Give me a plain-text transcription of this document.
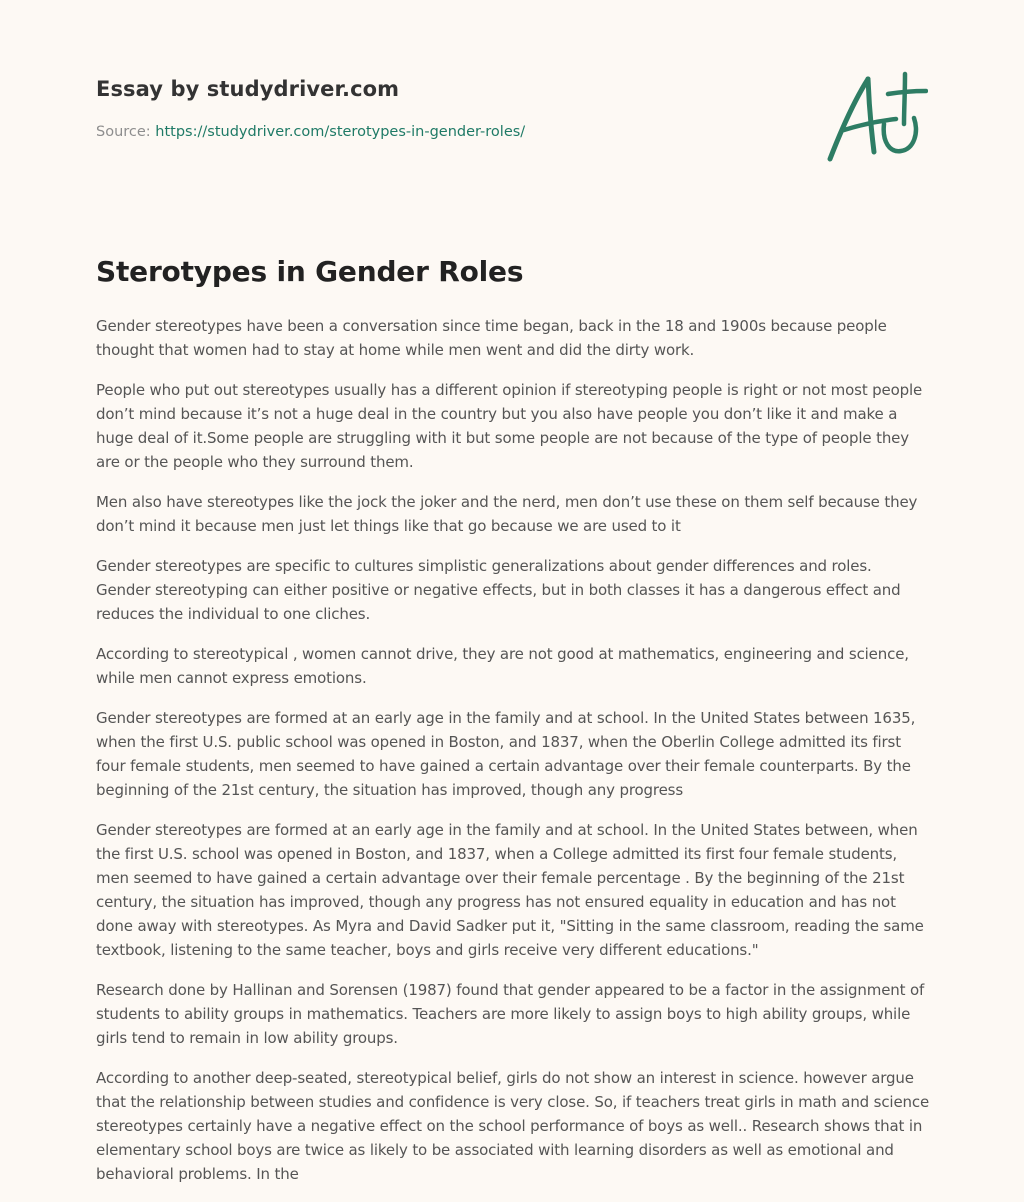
Essay by studydriver.com
Source: https://studydriver.com/sterotypes-in-gender-roles/
Sterotypes in Gender Roles

Gender stereotypes have been a conversation since time began, back in the 18 and 1900s because people thought that women had to stay at home while men went and did the dirty work.

People who put out stereotypes usually has a different opinion if stereotyping people is right or not most people don’t mind because it’s not a huge deal in the country but you also have people you don’t like it and make a huge deal of it.Some people are struggling with it but some people are not because of the type of people they are or the people who they surround them.

Men also have stereotypes like the jock the joker and the nerd, men don’t use these on them self because they don’t mind it because men just let things like that go because we are used to it

Gender stereotypes are specific to cultures simplistic generalizations about gender differences and roles. Gender stereotyping can either positive or negative effects, but in both classes it has a dangerous effect and reduces the individual to one cliches.

According to stereotypical , women cannot drive, they are not good at mathematics, engineering and science, while men cannot express emotions.

Gender stereotypes are formed at an early age in the family and at school. In the United States between 1635, when the first U.S. public school was opened in Boston, and 1837, when the Oberlin College admitted its first four female students, men seemed to have gained a certain advantage over their female counterparts. By the beginning of the 21st century, the situation has improved, though any progress

Gender stereotypes are formed at an early age in the family and at school. In the United States between, when the first U.S. school was opened in Boston, and 1837, when a College admitted its first four female students, men seemed to have gained a certain advantage over their female percentage . By the beginning of the 21st century, the situation has improved, though any progress has not ensured equality in education and has not done away with stereotypes. As Myra and David Sadker put it, "Sitting in the same classroom, reading the same textbook, listening to the same teacher, boys and girls receive very different educations."

Research done by Hallinan and Sorensen (1987) found that gender appeared to be a factor in the assignment of students to ability groups in mathematics. Teachers are more likely to assign boys to high ability groups, while girls tend to remain in low ability groups.

According to another deep-seated, stereotypical belief, girls do not show an interest in science. however argue that the relationship between studies and confidence is very close. So, if teachers treat girls in math and science stereotypes certainly have a negative effect on the school performance of boys as well.. Research shows that in elementary school boys are twice as likely to be associated with learning disorders as well as emotional and behavioral problems. In the
